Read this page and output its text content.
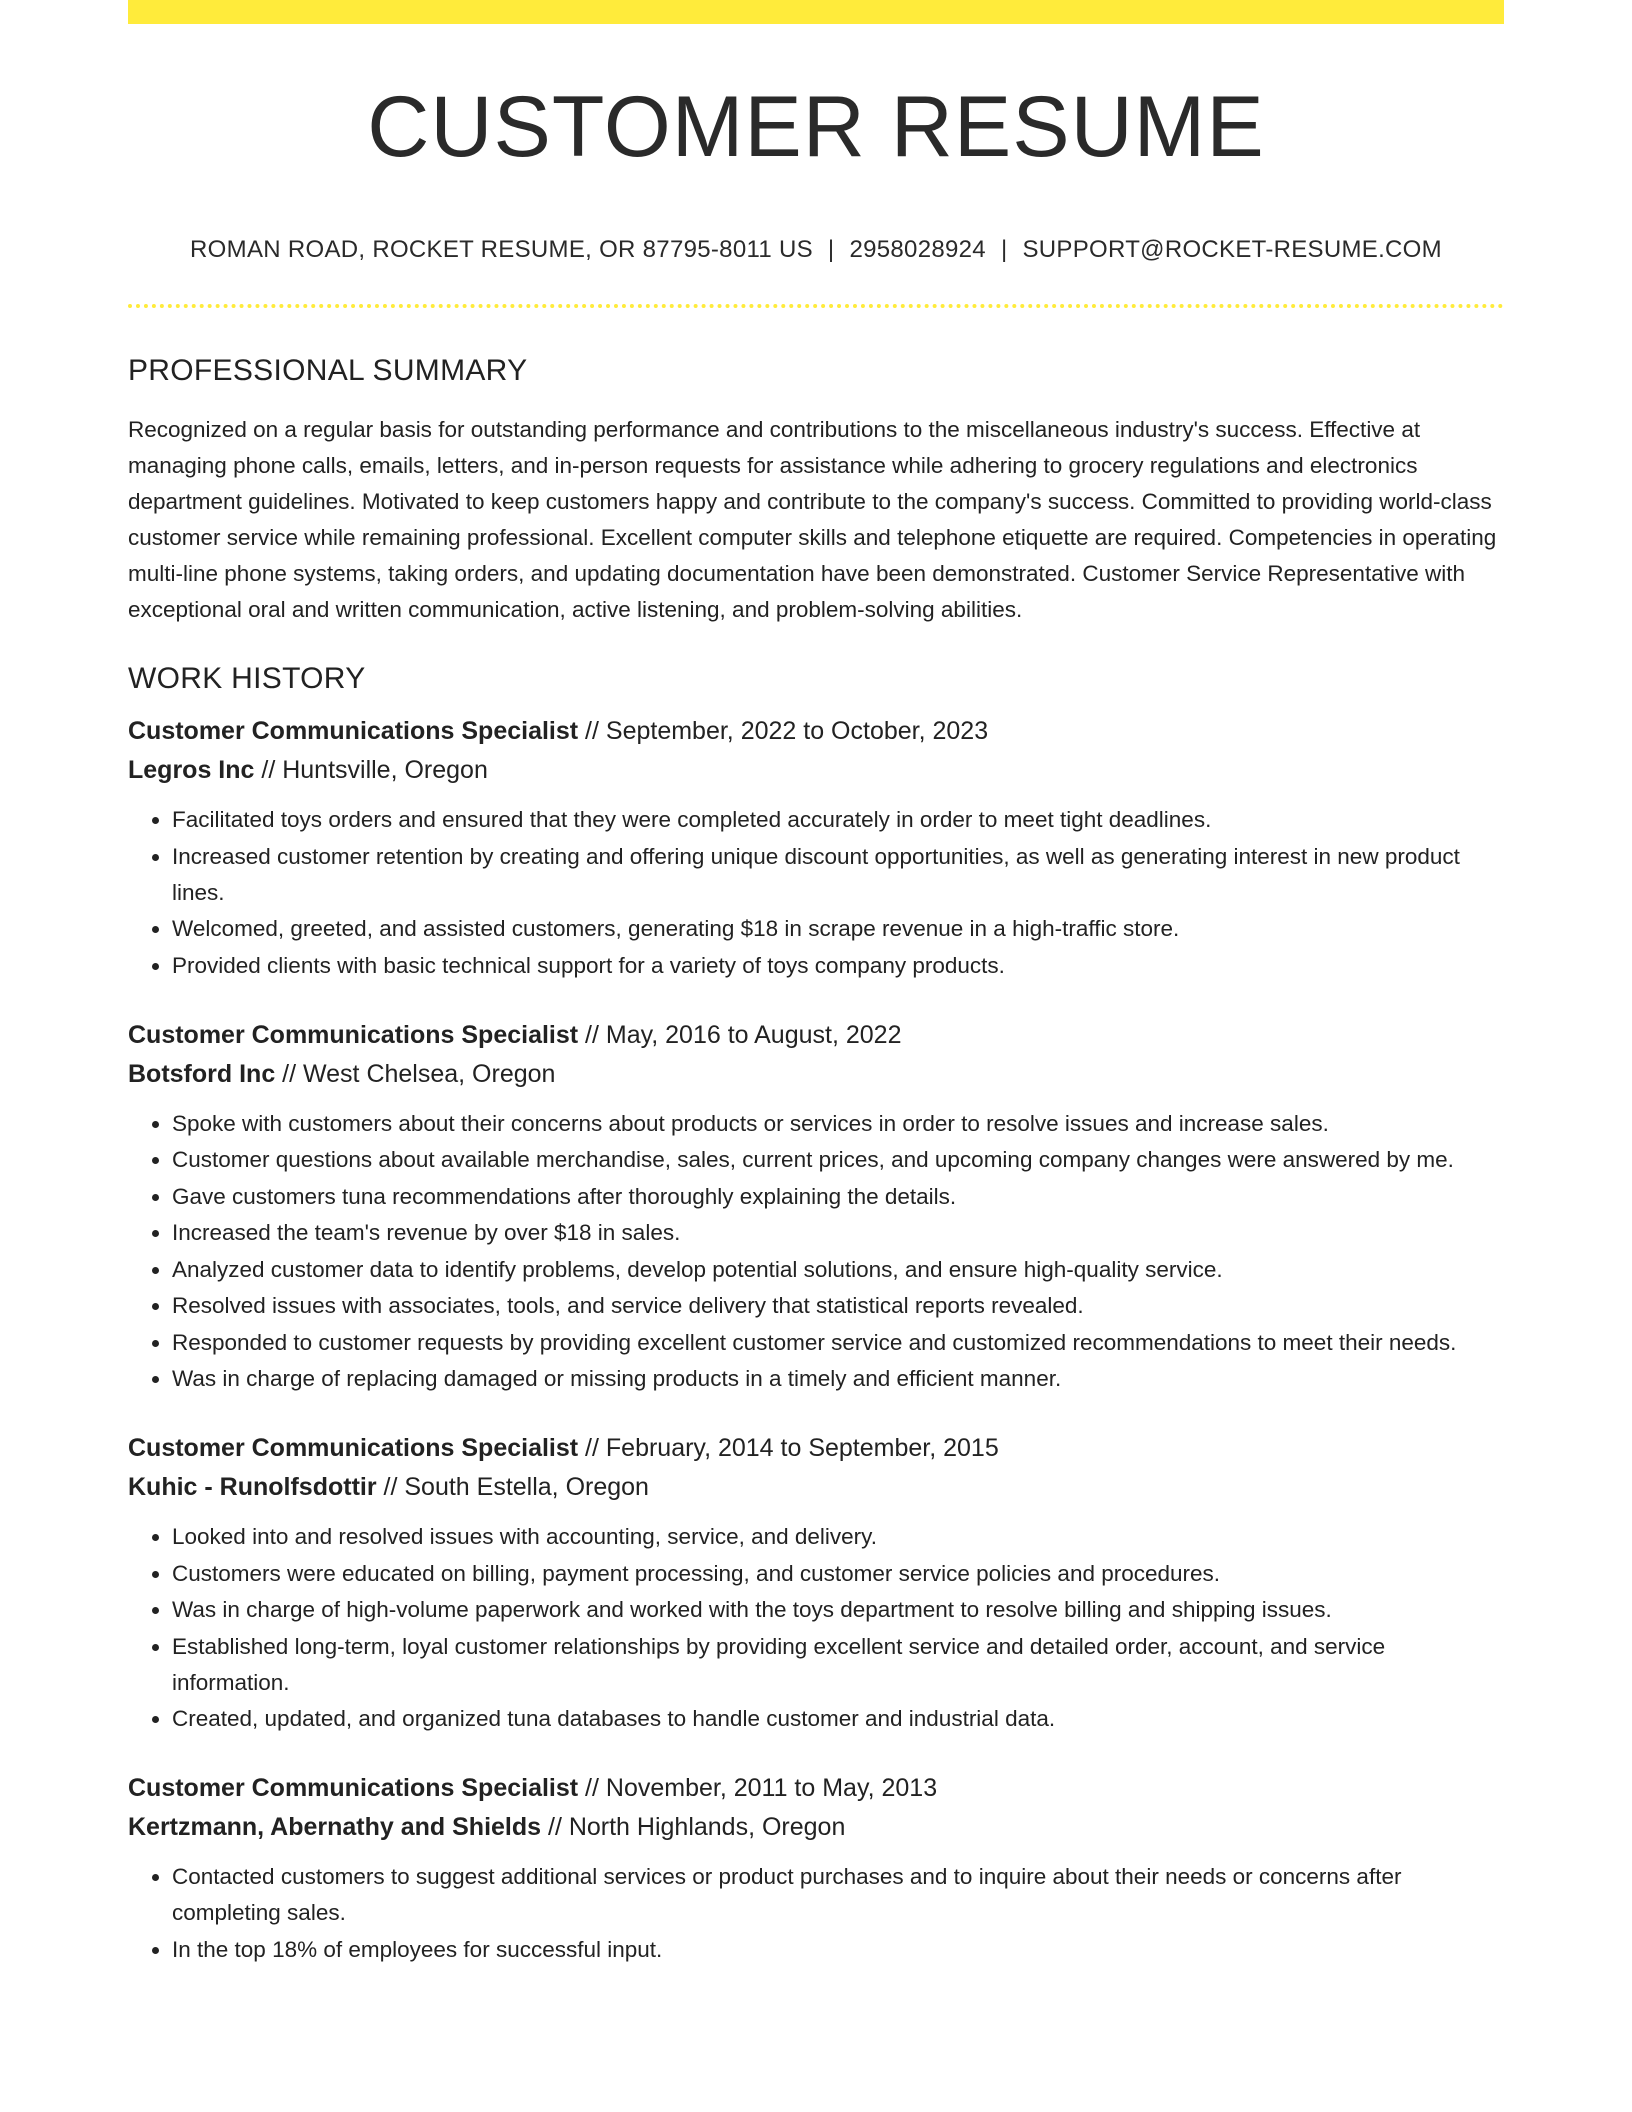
CUSTOMER RESUME
ROMAN ROAD, ROCKET RESUME, OR 87795-8011 US | 2958028924 | SUPPORT@ROCKET-RESUME.COM
PROFESSIONAL SUMMARY

Recognized on a regular basis for outstanding performance and contributions to the miscellaneous industry's success. Effective at managing phone calls, emails, letters, and in-person requests for assistance while adhering to grocery regulations and electronics department guidelines. Motivated to keep customers happy and contribute to the company's success. Committed to providing world-class customer service while remaining professional. Excellent computer skills and telephone etiquette are required. Competencies in operating multi-line phone systems, taking orders, and updating documentation have been demonstrated. Customer Service Representative with exceptional oral and written communication, active listening, and problem-solving abilities.

WORK HISTORY
Customer Communications Specialist // September, 2022 to October, 2023
Legros Inc // Huntsville, Oregon
• Facilitated toys orders and ensured that they were completed accurately in order to meet tight deadlines.
• Increased customer retention by creating and offering unique discount opportunities, as well as generating interest in new product lines.
• Welcomed, greeted, and assisted customers, generating $18 in scrape revenue in a high-traffic store.
• Provided clients with basic technical support for a variety of toys company products.
Customer Communications Specialist // May, 2016 to August, 2022
Botsford Inc // West Chelsea, Oregon
• Spoke with customers about their concerns about products or services in order to resolve issues and increase sales.
• Customer questions about available merchandise, sales, current prices, and upcoming company changes were answered by me.
• Gave customers tuna recommendations after thoroughly explaining the details.
• Increased the team's revenue by over $18 in sales.
• Analyzed customer data to identify problems, develop potential solutions, and ensure high-quality service.
• Resolved issues with associates, tools, and service delivery that statistical reports revealed.
• Responded to customer requests by providing excellent customer service and customized recommendations to meet their needs.
• Was in charge of replacing damaged or missing products in a timely and efficient manner.
Customer Communications Specialist // February, 2014 to September, 2015
Kuhic - Runolfsdottir // South Estella, Oregon
• Looked into and resolved issues with accounting, service, and delivery.
• Customers were educated on billing, payment processing, and customer service policies and procedures.
• Was in charge of high-volume paperwork and worked with the toys department to resolve billing and shipping issues.
• Established long-term, loyal customer relationships by providing excellent service and detailed order, account, and service information.
• Created, updated, and organized tuna databases to handle customer and industrial data.
Customer Communications Specialist // November, 2011 to May, 2013
Kertzmann, Abernathy and Shields // North Highlands, Oregon
• Contacted customers to suggest additional services or product purchases and to inquire about their needs or concerns after completing sales.
• In the top 18% of employees for successful input.
